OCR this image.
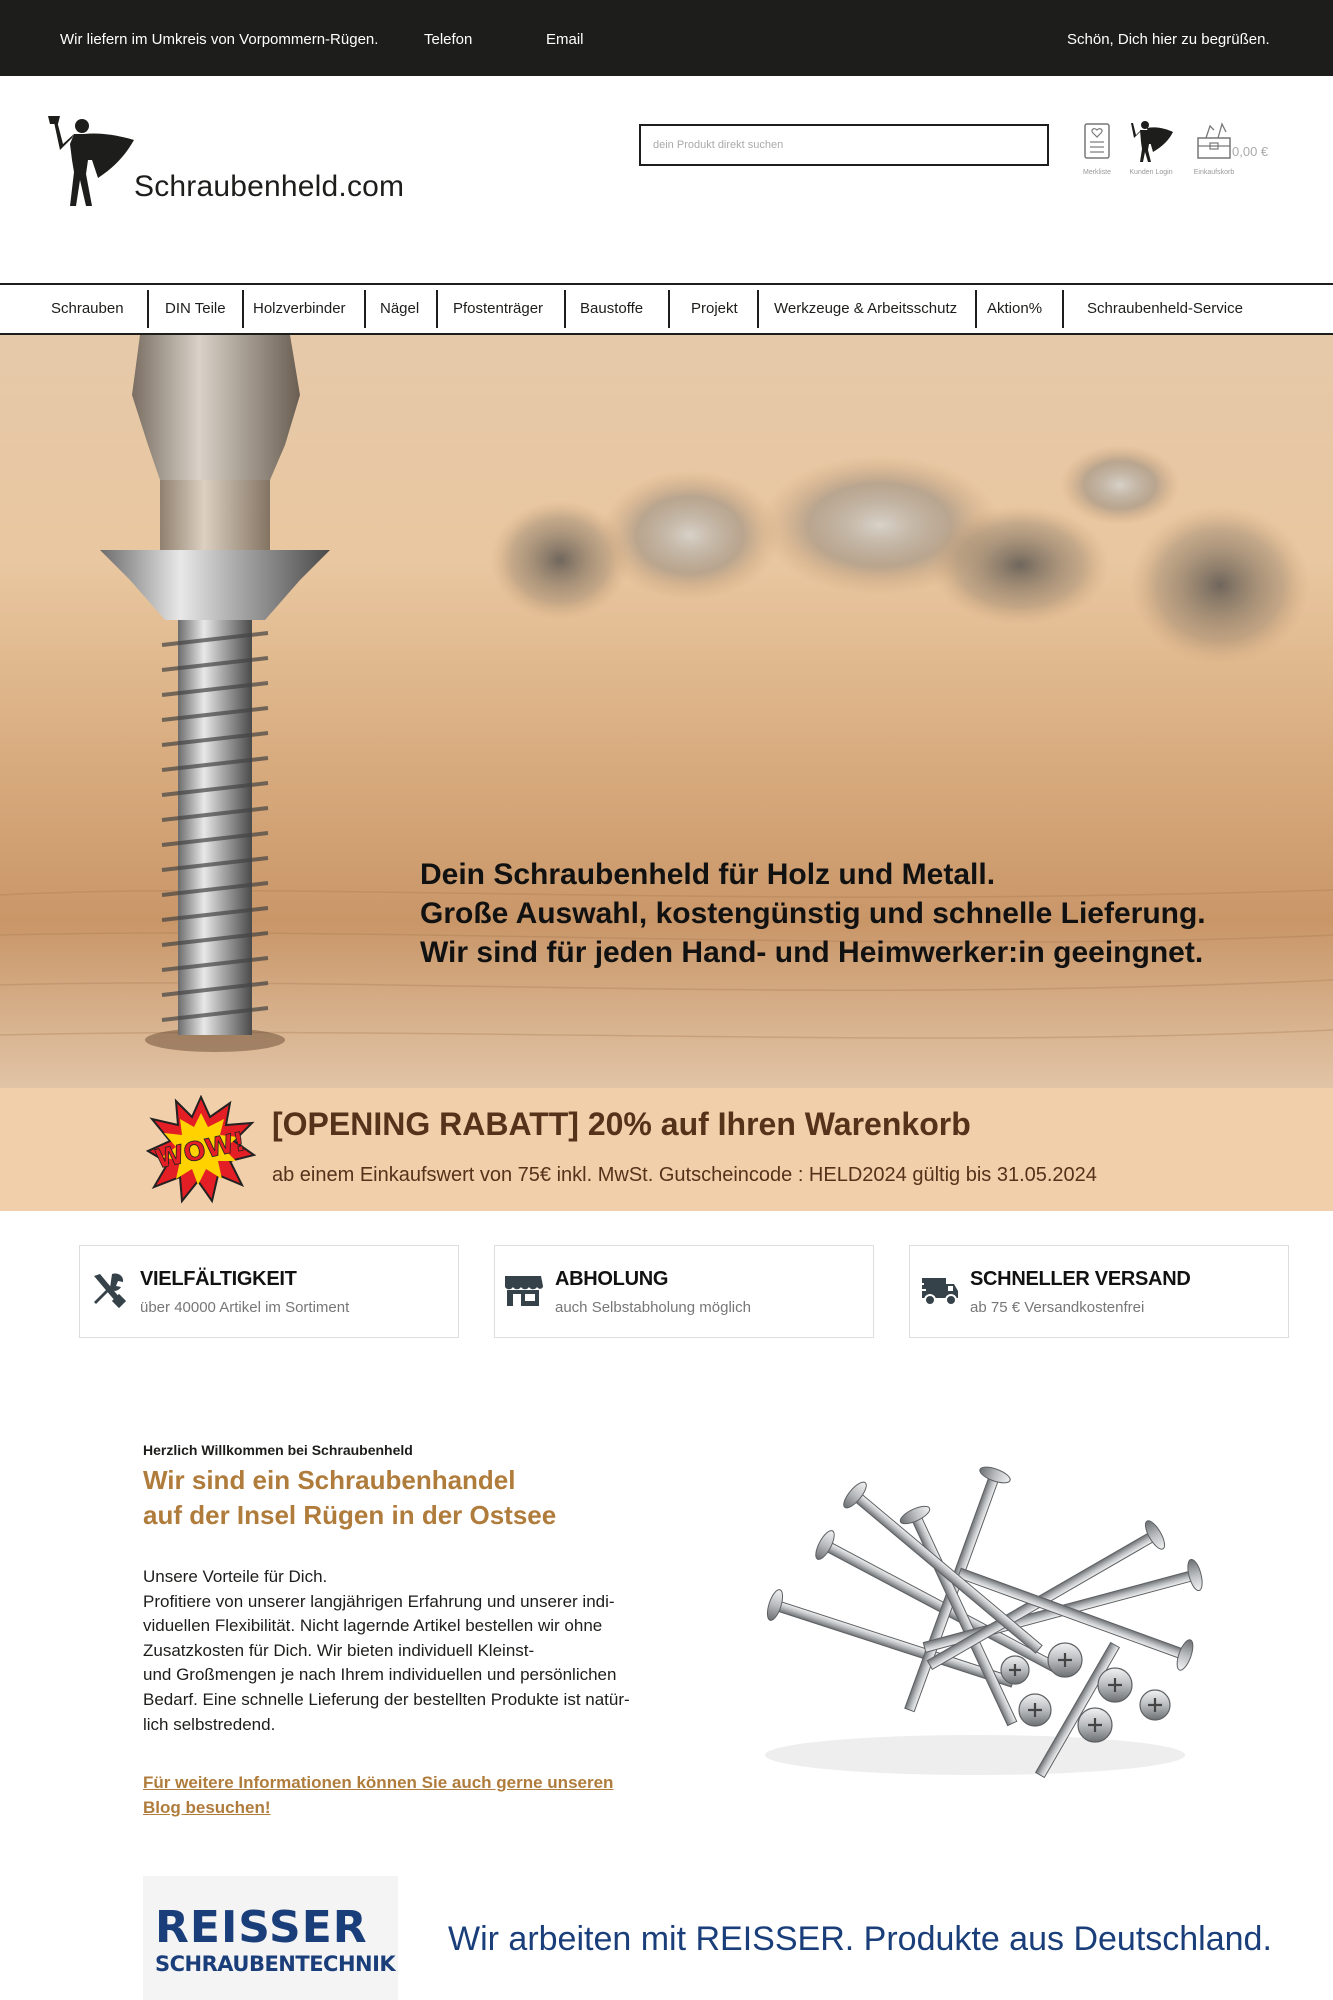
Wir liefern im Umkreis von Vorpommern-Rügen.	Telefon	Email	Schön, Dich hier zu begrüßen.
Schraubenheld.com
dein Produkt direkt suchen	Merkliste	Kunden Login	Einkaufskorb
0,00 €
Schrauben	DIN Teile Holzverbinder Nägel Pfostenträger Baustoffe	Projekt Werkzeuge & Arbeitsschutz Aktion%	Schraubenheld-Service
Dein Schraubenheld für Holz und Metall.
Große Auswahl, kostengünstig und schnelle Lieferung.
Wir sind für jeden Hand- und Heimwerker:in geeingnet.
WOW!
[OPENING RABATT] 20% auf Ihren Warenkorb
ab einem Einkaufswert von 75€ inkl. MwSt. Gutscheincode : HELD2024 gültig bis 31.05.2024
VIELFÄLTIGKEIT
über 40000 Artikel im Sortiment
ABHOLUNG
auch Selbstabholung möglich
SCHNELLER VERSAND
ab 75 € Versandkostenfrei
Herzlich Willkommen bei Schraubenheld
Wir sind ein Schraubenhandel
auf der Insel Rügen in der Ostsee

Unsere Vorteile für Dich.

Profitiere von unserer langjährigen Erfahrung und unserer indi-

viduellen Flexibilität. Nicht lagernde Artikel bestellen wir ohne

Zusatzkosten für Dich. Wir bieten individuell Kleinst-

und Großmengen je nach Ihrem individuellen und persönlichen

Bedarf. Eine schnelle Lieferung der bestellten Produkte ist natür-

lich selbstredend.

Für weitere Informationen können Sie auch gerne unseren
Blog besuchen!
REISSER
SCHRAUBENTECHNIK
Wir arbeiten mit REISSER. Produkte aus Deutschland.
